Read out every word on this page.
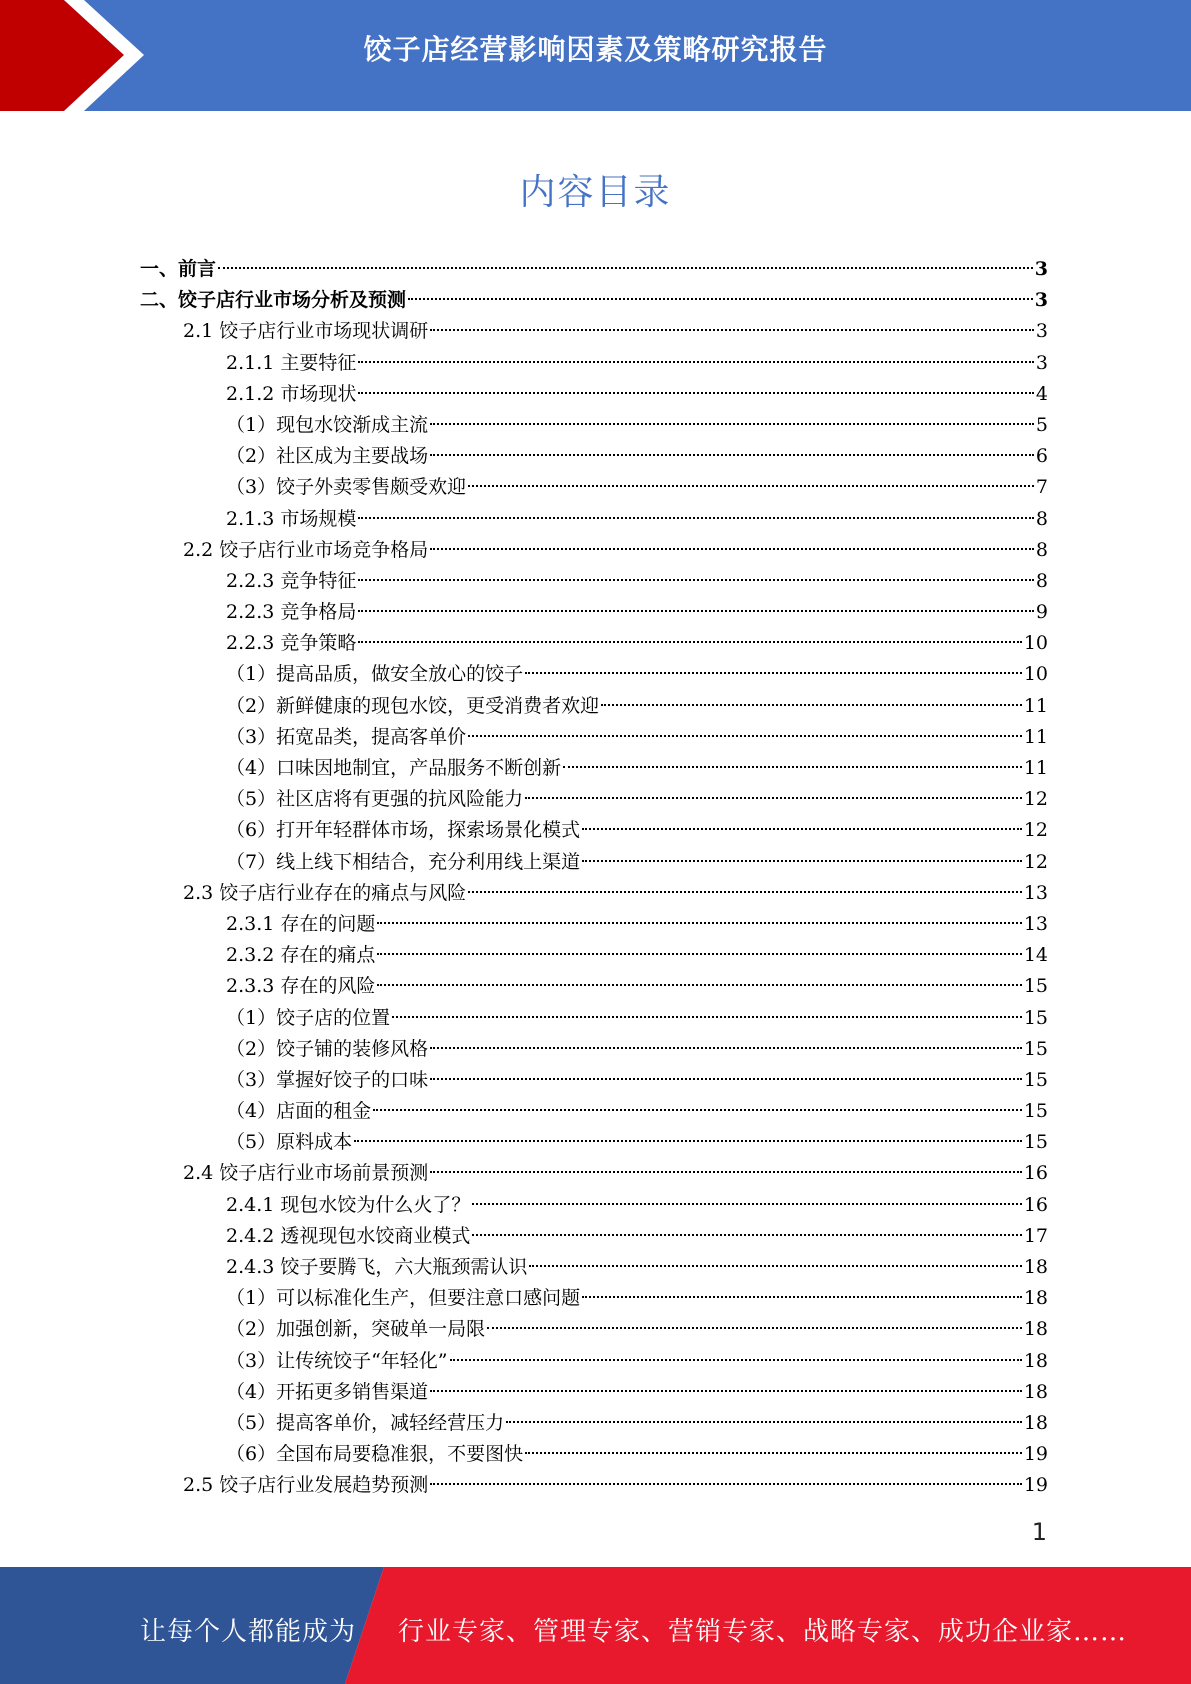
饺子店经营影响因素及策略研究报告
内容目录
一、前言	3
二、饺子店行业市场分析及预测	3
2.1 饺子店行业市场现状调研	3
2.1.1 主要特征	3
2.1.2 市场现状	4
（1）现包水饺渐成主流	5
（2）社区成为主要战场	6
（3）饺子外卖零售颇受欢迎	7
2.1.3 市场规模	8
2.2 饺子店行业市场竞争格局	8
2.2.3 竞争特征	8
2.2.3 竞争格局	9
2.2.3 竞争策略	10
（1）提高品质，做安全放心的饺子	10
（2）新鲜健康的现包水饺，更受消费者欢迎	11
（3）拓宽品类，提高客单价	11
（4）口味因地制宜，产品服务不断创新	11
（5）社区店将有更强的抗风险能力	12
（6）打开年轻群体市场，探索场景化模式	12
（7）线上线下相结合，充分利用线上渠道	12
2.3 饺子店行业存在的痛点与风险	13
2.3.1 存在的问题	13
2.3.2 存在的痛点	14
2.3.3 存在的风险	15
（1）饺子店的位置	15
（2）饺子铺的装修风格	15
（3）掌握好饺子的口味	15
（4）店面的租金	15
（5）原料成本	15
2.4 饺子店行业市场前景预测	16
2.4.1 现包水饺为什么火了？	16
2.4.2 透视现包水饺商业模式	17
2.4.3 饺子要腾飞，六大瓶颈需认识	18
（1）可以标准化生产，但要注意口感问题	18
（2）加强创新，突破单一局限	18
（3）让传统饺子“年轻化”	18
（4）开拓更多销售渠道	18
（5）提高客单价，减轻经营压力	18
（6）全国布局要稳准狠，不要图快	19
2.5 饺子店行业发展趋势预测	19
1
让每个人都能成为 行业专家、管理专家、营销专家、战略专家、成功企业家……
